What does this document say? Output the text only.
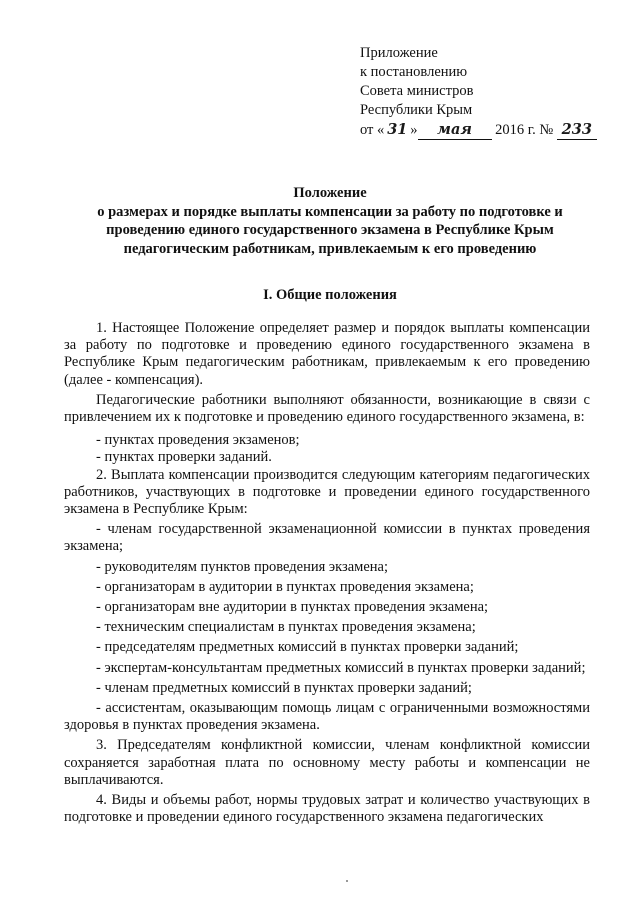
Приложение
к постановлению
Совета министров
Республики Крым
от « 31 » мая 2016 г. № 233
Положение
о размерах и порядке выплаты компенсации за работу по подготовке и
проведению единого государственного экзамена в Республике Крым
педагогическим работникам, привлекаемым к его проведению
I. Общие положения

1. Настоящее Положение определяет размер и порядок выплаты компенсации за работу по подготовке и проведению единого государственного экзамена в Республике Крым педагогическим работникам, привлекаемым к его проведению (далее - компенсация).

Педагогические работники выполняют обязанности, возникающие в связи с привлечением их к подготовке и проведению единого государственного экзамена, в:

- пунктах проведения экзаменов;

- пунктах проверки заданий.

2. Выплата компенсации производится следующим категориям педагогических работников, участвующих в подготовке и проведении единого государственного экзамена в Республике Крым:

- членам государственной экзаменационной комиссии в пунктах проведения экзамена;

- руководителям пунктов проведения экзамена;

- организаторам в аудитории в пунктах проведения экзамена;

- организаторам вне аудитории в пунктах проведения экзамена;

- техническим специалистам в пунктах проведения экзамена;

- председателям предметных комиссий в пунктах проверки заданий;

- экспертам-консультантам предметных комиссий в пунктах проверки заданий;

- членам предметных комиссий в пунктах проверки заданий;

- ассистентам, оказывающим помощь лицам с ограниченными возможностями здоровья в пунктах проведения экзамена.

3. Председателям конфликтной комиссии, членам конфликтной комиссии сохраняется заработная плата по основному месту работы и компенсации не выплачиваются.

4. Виды и объемы работ, нормы трудовых затрат и количество участвующих в подготовке и проведении единого государственного экзамена педагогических
